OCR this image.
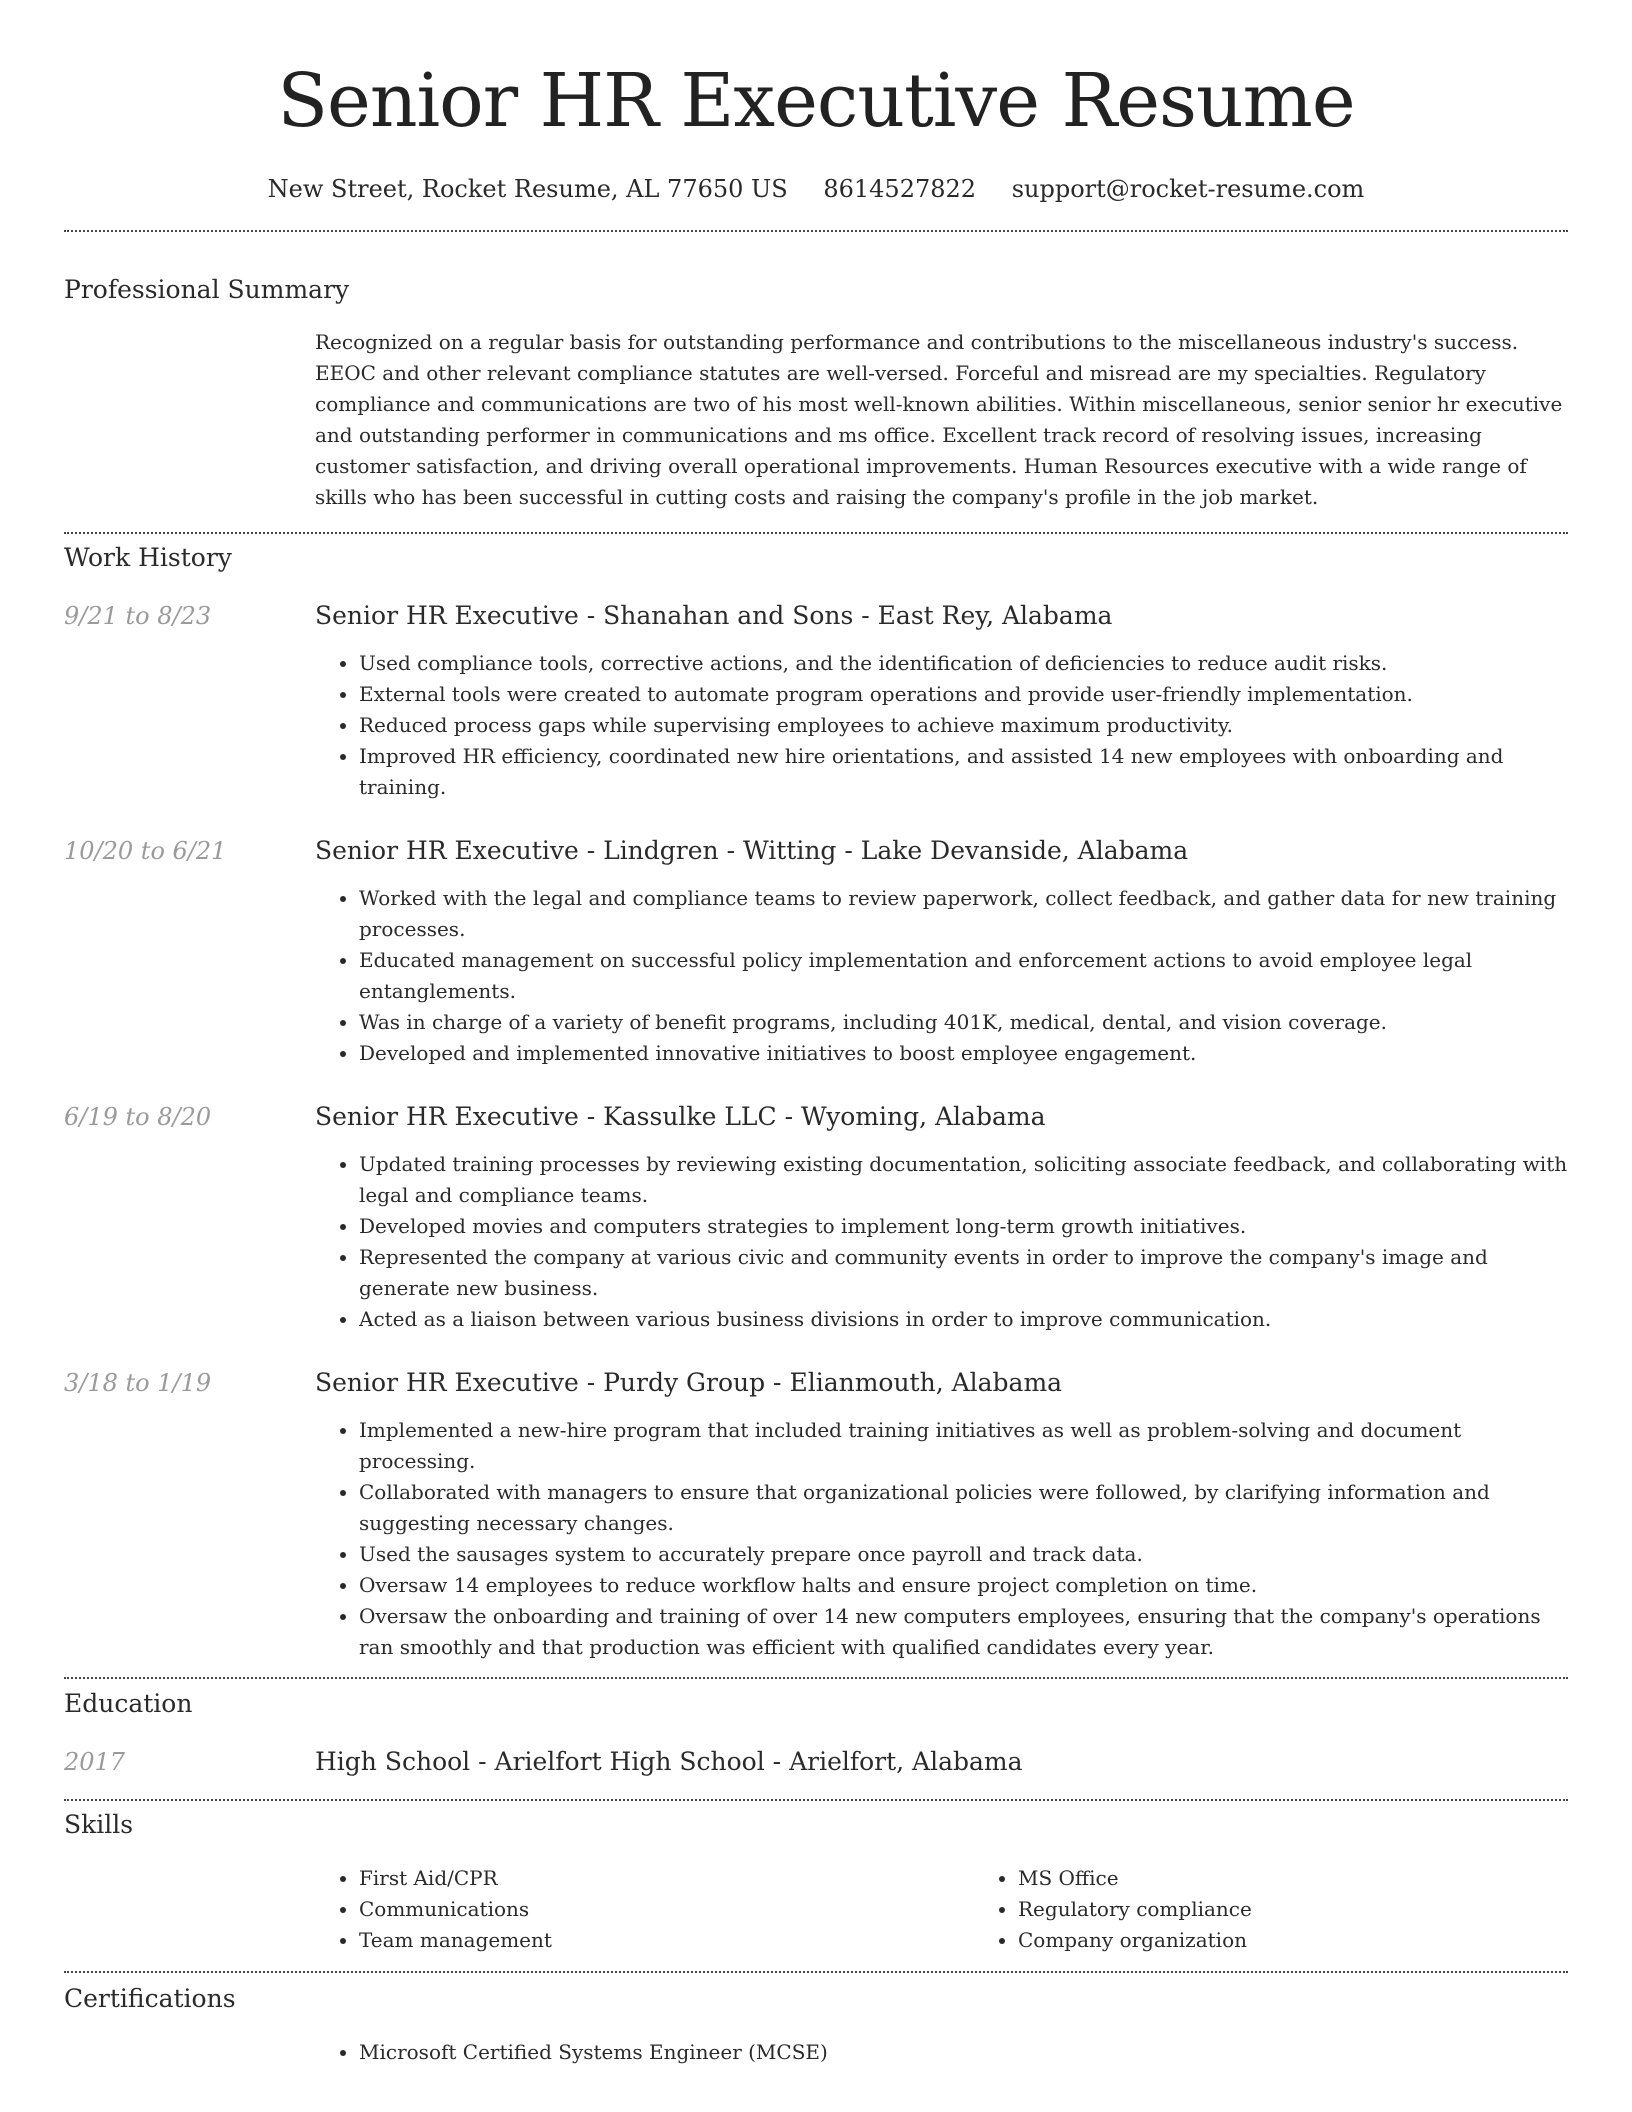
Senior HR Executive Resume
New Street, Rocket Resume, AL 77650 US 8614527822 support@rocket-resume.com
Professional Summary

Recognized on a regular basis for outstanding performance and contributions to the miscellaneous industry's success. EEOC and other relevant compliance statutes are well-versed. Forceful and misread are my specialties. Regulatory compliance and communications are two of his most well-known abilities. Within miscellaneous, senior senior hr executive and outstanding performer in communications and ms office. Excellent track record of resolving issues, increasing customer satisfaction, and driving overall operational improvements. Human Resources executive with a wide range of skills who has been successful in cutting costs and raising the company's profile in the job market.

Work History
9/21 to 8/23	Senior HR Executive - Shanahan and Sons - East Rey, Alabama
• Used compliance tools, corrective actions, and the identification of deficiencies to reduce audit risks.
• External tools were created to automate program operations and provide user-friendly implementation.
• Reduced process gaps while supervising employees to achieve maximum productivity.
• Improved HR efficiency, coordinated new hire orientations, and assisted 14 new employees with onboarding and training.
10/20 to 6/21	Senior HR Executive - Lindgren - Witting - Lake Devanside, Alabama
• Worked with the legal and compliance teams to review paperwork, collect feedback, and gather data for new training processes.
• Educated management on successful policy implementation and enforcement actions to avoid employee legal entanglements.
• Was in charge of a variety of benefit programs, including 401K, medical, dental, and vision coverage.
• Developed and implemented innovative initiatives to boost employee engagement.
6/19 to 8/20	Senior HR Executive - Kassulke LLC - Wyoming, Alabama
• Updated training processes by reviewing existing documentation, soliciting associate feedback, and collaborating with legal and compliance teams.
• Developed movies and computers strategies to implement long-term growth initiatives.
• Represented the company at various civic and community events in order to improve the company's image and generate new business.
• Acted as a liaison between various business divisions in order to improve communication.
3/18 to 1/19	Senior HR Executive - Purdy Group - Elianmouth, Alabama
• Implemented a new-hire program that included training initiatives as well as problem-solving and document processing.
• Collaborated with managers to ensure that organizational policies were followed, by clarifying information and suggesting necessary changes.
• Used the sausages system to accurately prepare once payroll and track data.
• Oversaw 14 employees to reduce workflow halts and ensure project completion on time.
• Oversaw the onboarding and training of over 14 new computers employees, ensuring that the company's operations ran smoothly and that production was efficient with qualified candidates every year.
Education
2017	High School - Arielfort High School - Arielfort, Alabama
Skills
• First Aid/CPR
• Communications
• Team management
• MS Office
• Regulatory compliance
• Company organization
Certifications
• Microsoft Certified Systems Engineer (MCSE)
